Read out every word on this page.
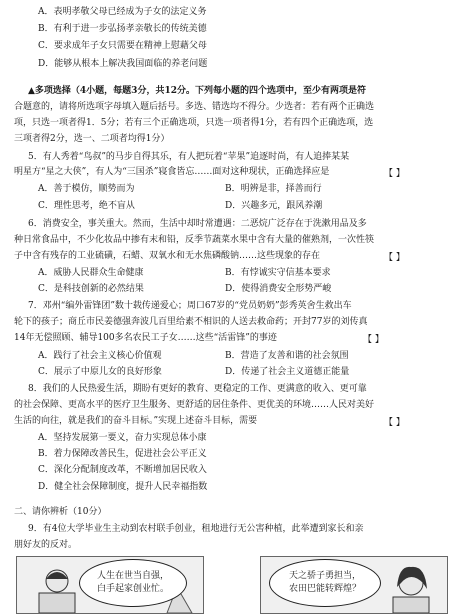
A．表明孝敬父母已经成为子女的法定义务
B．有利于进一步弘扬孝亲敬长的传统美德
C．要求成年子女只需要在精神上慰藉父母
D．能够从根本上解决我国面临的养老问题
▲多项选择（4小题，每题3分，共12分。下列每小题的四个选项中，至少有两项是符
合题意的，请将所选项字母填入题后括号。多选、错选均不得分。少选者：若有两个正确选
项，只选一项者得1．5分；若有三个正确选项，只选一项者得1分，若有四个正确选项，选
三项者得2分，选一、二项者均得1分）
5．有人秀着“鸟叔”的马步自得其乐，有人把玩着“苹果”追逐时尚，有人追捧某某
明星方“星之大侠”，有人为“三国杀”寝食皆忘……面对这种现状，正确选择应是	【 】
A．善于模仿，顺势而为	B．明辨是非，择善而行
C．理性思考，绝不盲从	D．兴趣多元，跟风养潮
6．消费安全，事关重大。然而，生活中却时常遭遇：二恶烷广泛存在于洗漱用品及多
种日常食品中，不少化妆品中掺有末和铅，反季节蔬菜水果中含有大量的催熟剂，一次性筷
子中含有残存的工业硫磺，石蜡、双氧水和无水焦磷酸钠……这些现象的存在	【 】
A．威胁人民群众生命健康	B．有悖诚实守信基本要求
C．是科技创新的必然结果	D．使得消费安全形势严峻
7．邓州“编外雷锋团”数十载传递爱心；周口67岁的“党员奶奶”彭秀英舍生救出车
轮下的孩子；商丘市民姜德强奔波几百里给素不相识的人送去救命药；开封77岁的刘传真
14年无偿照顾、辅导100多名农民工子女……这些“活雷锋”的事迹	【 】
A．践行了社会主义核心价值观	B．营造了友善和谐的社会氛围
C．展示了中原儿女的良好形象	D．传递了社会主义道德正能量
8．我们的人民热爱生活，期盼有更好的教育、更稳定的工作、更满意的收入、更可靠
的社会保障、更高水平的医疗卫生服务、更舒适的居住条件、更优美的环境……人民对美好
生活的向往，就是我们的奋斗目标。”实现上述奋斗目标，需要	【 】
A．坚持发展第一要义，奋力实现总体小康
B．着力保障改善民生，促进社会公平正义
C．深化分配制度改革，不断增加居民收入
D．健全社会保障制度，提升人民幸福指数
二、请你辨析（10分）
9．有4位大学毕业生主动到农村联手创业，租地进行无公害种植，此举遭到家长和亲
朋好友的反对。
人生在世当自强，
白手起家创业忙。
天之骄子勇担当，
农田巴能转辉煌？
